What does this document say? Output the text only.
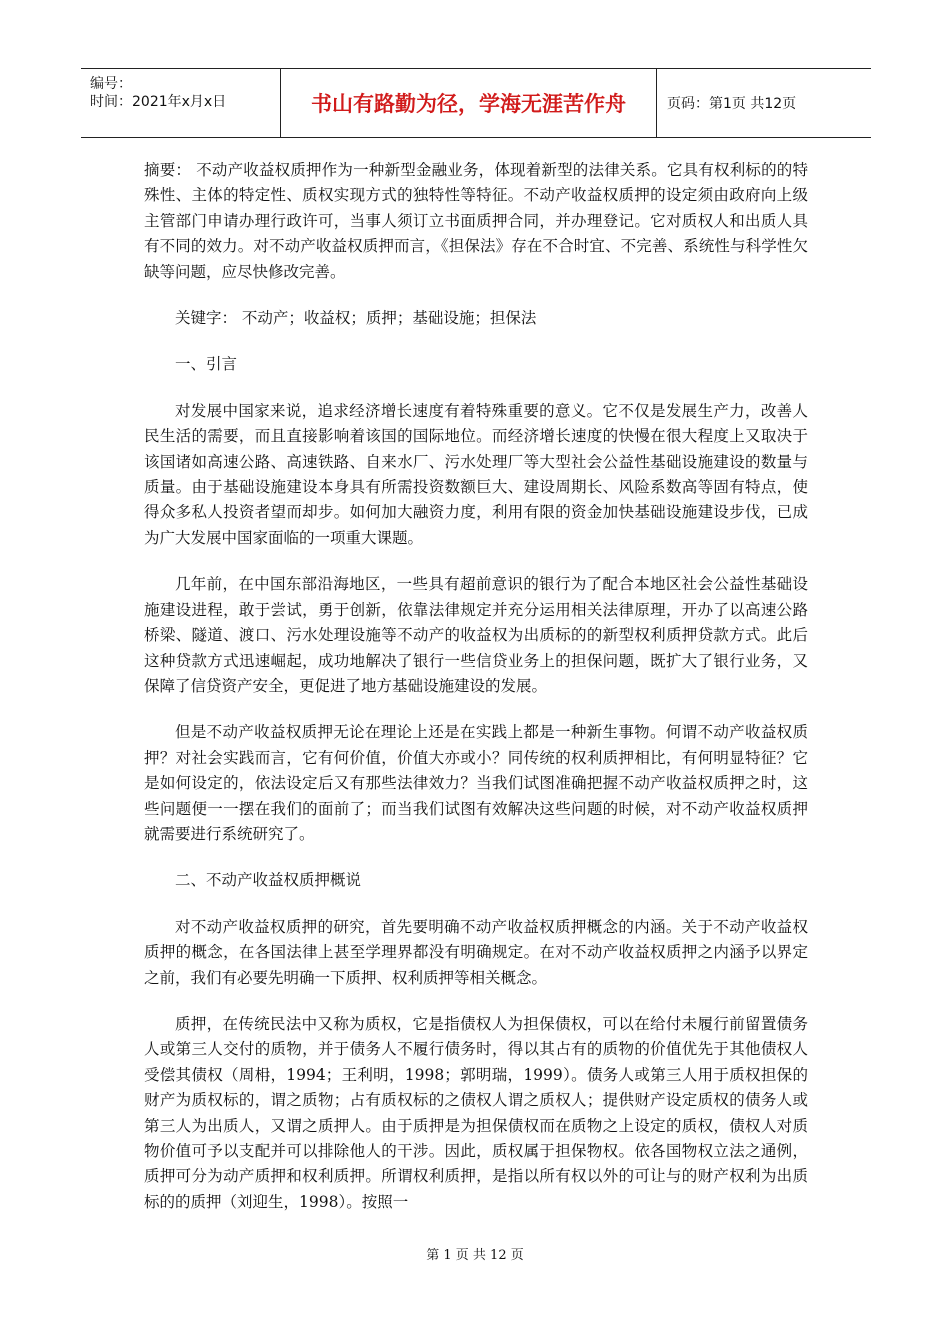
编号：
时间：2021年x月x日	书山有路勤为径，学海无涯苦作舟	页码：第1页 共12页

摘要： 不动产收益权质押作为一种新型金融业务，体现着新型的法律关系。它具有权利标的的特殊性、主体的特定性、质权实现方式的独特性等特征。不动产收益权质押的设定须由政府向上级主管部门申请办理行政许可，当事人须订立书面质押合同，并办理登记。它对质权人和出质人具有不同的效力。对不动产收益权质押而言，《担保法》存在不合时宜、不完善、系统性与科学性欠缺等问题，应尽快修改完善。

关键字： 不动产；收益权；质押；基础设施；担保法

一、引言

对发展中国家来说，追求经济增长速度有着特殊重要的意义。它不仅是发展生产力，改善人民生活的需要，而且直接影响着该国的国际地位。而经济增长速度的快慢在很大程度上又取决于该国诸如高速公路、高速铁路、自来水厂、污水处理厂等大型社会公益性基础设施建设的数量与质量。由于基础设施建设本身具有所需投资数额巨大、建设周期长、风险系数高等固有特点，使得众多私人投资者望而却步。如何加大融资力度，利用有限的资金加快基础设施建设步伐，已成为广大发展中国家面临的一项重大课题。

几年前，在中国东部沿海地区，一些具有超前意识的银行为了配合本地区社会公益性基础设施建设进程，敢于尝试，勇于创新，依靠法律规定并充分运用相关法律原理，开办了以高速公路桥梁、隧道、渡口、污水处理设施等不动产的收益权为出质标的的新型权利质押贷款方式。此后这种贷款方式迅速崛起，成功地解决了银行一些信贷业务上的担保问题，既扩大了银行业务，又保障了信贷资产安全，更促进了地方基础设施建设的发展。

但是不动产收益权质押无论在理论上还是在实践上都是一种新生事物。何谓不动产收益权质押？对社会实践而言，它有何价值，价值大亦或小？同传统的权利质押相比，有何明显特征？它是如何设定的，依法设定后又有那些法律效力？当我们试图准确把握不动产收益权质押之时，这些问题便一一摆在我们的面前了；而当我们试图有效解决这些问题的时候，对不动产收益权质押就需要进行系统研究了。

二、不动产收益权质押概说

对不动产收益权质押的研究，首先要明确不动产收益权质押概念的内涵。关于不动产收益权质押的概念，在各国法律上甚至学理界都没有明确规定。在对不动产收益权质押之内涵予以界定之前，我们有必要先明确一下质押、权利质押等相关概念。

质押，在传统民法中又称为质权，它是指债权人为担保债权，可以在给付未履行前留置债务人或第三人交付的质物，并于债务人不履行债务时，得以其占有的质物的价值优先于其他债权人受偿其债权（周枏，1994；王利明，1998；郭明瑞，1999）。债务人或第三人用于质权担保的财产为质权标的，谓之质物；占有质权标的之债权人谓之质权人；提供财产设定质权的债务人或第三人为出质人，又谓之质押人。由于质押是为担保债权而在质物之上设定的质权，债权人对质物价值可予以支配并可以排除他人的干涉。因此，质权属于担保物权。依各国物权立法之通例，质押可分为动产质押和权利质押。所谓权利质押，是指以所有权以外的可让与的财产权利为出质标的的质押（刘迎生，1998）。按照一

第 1 页 共 12 页
